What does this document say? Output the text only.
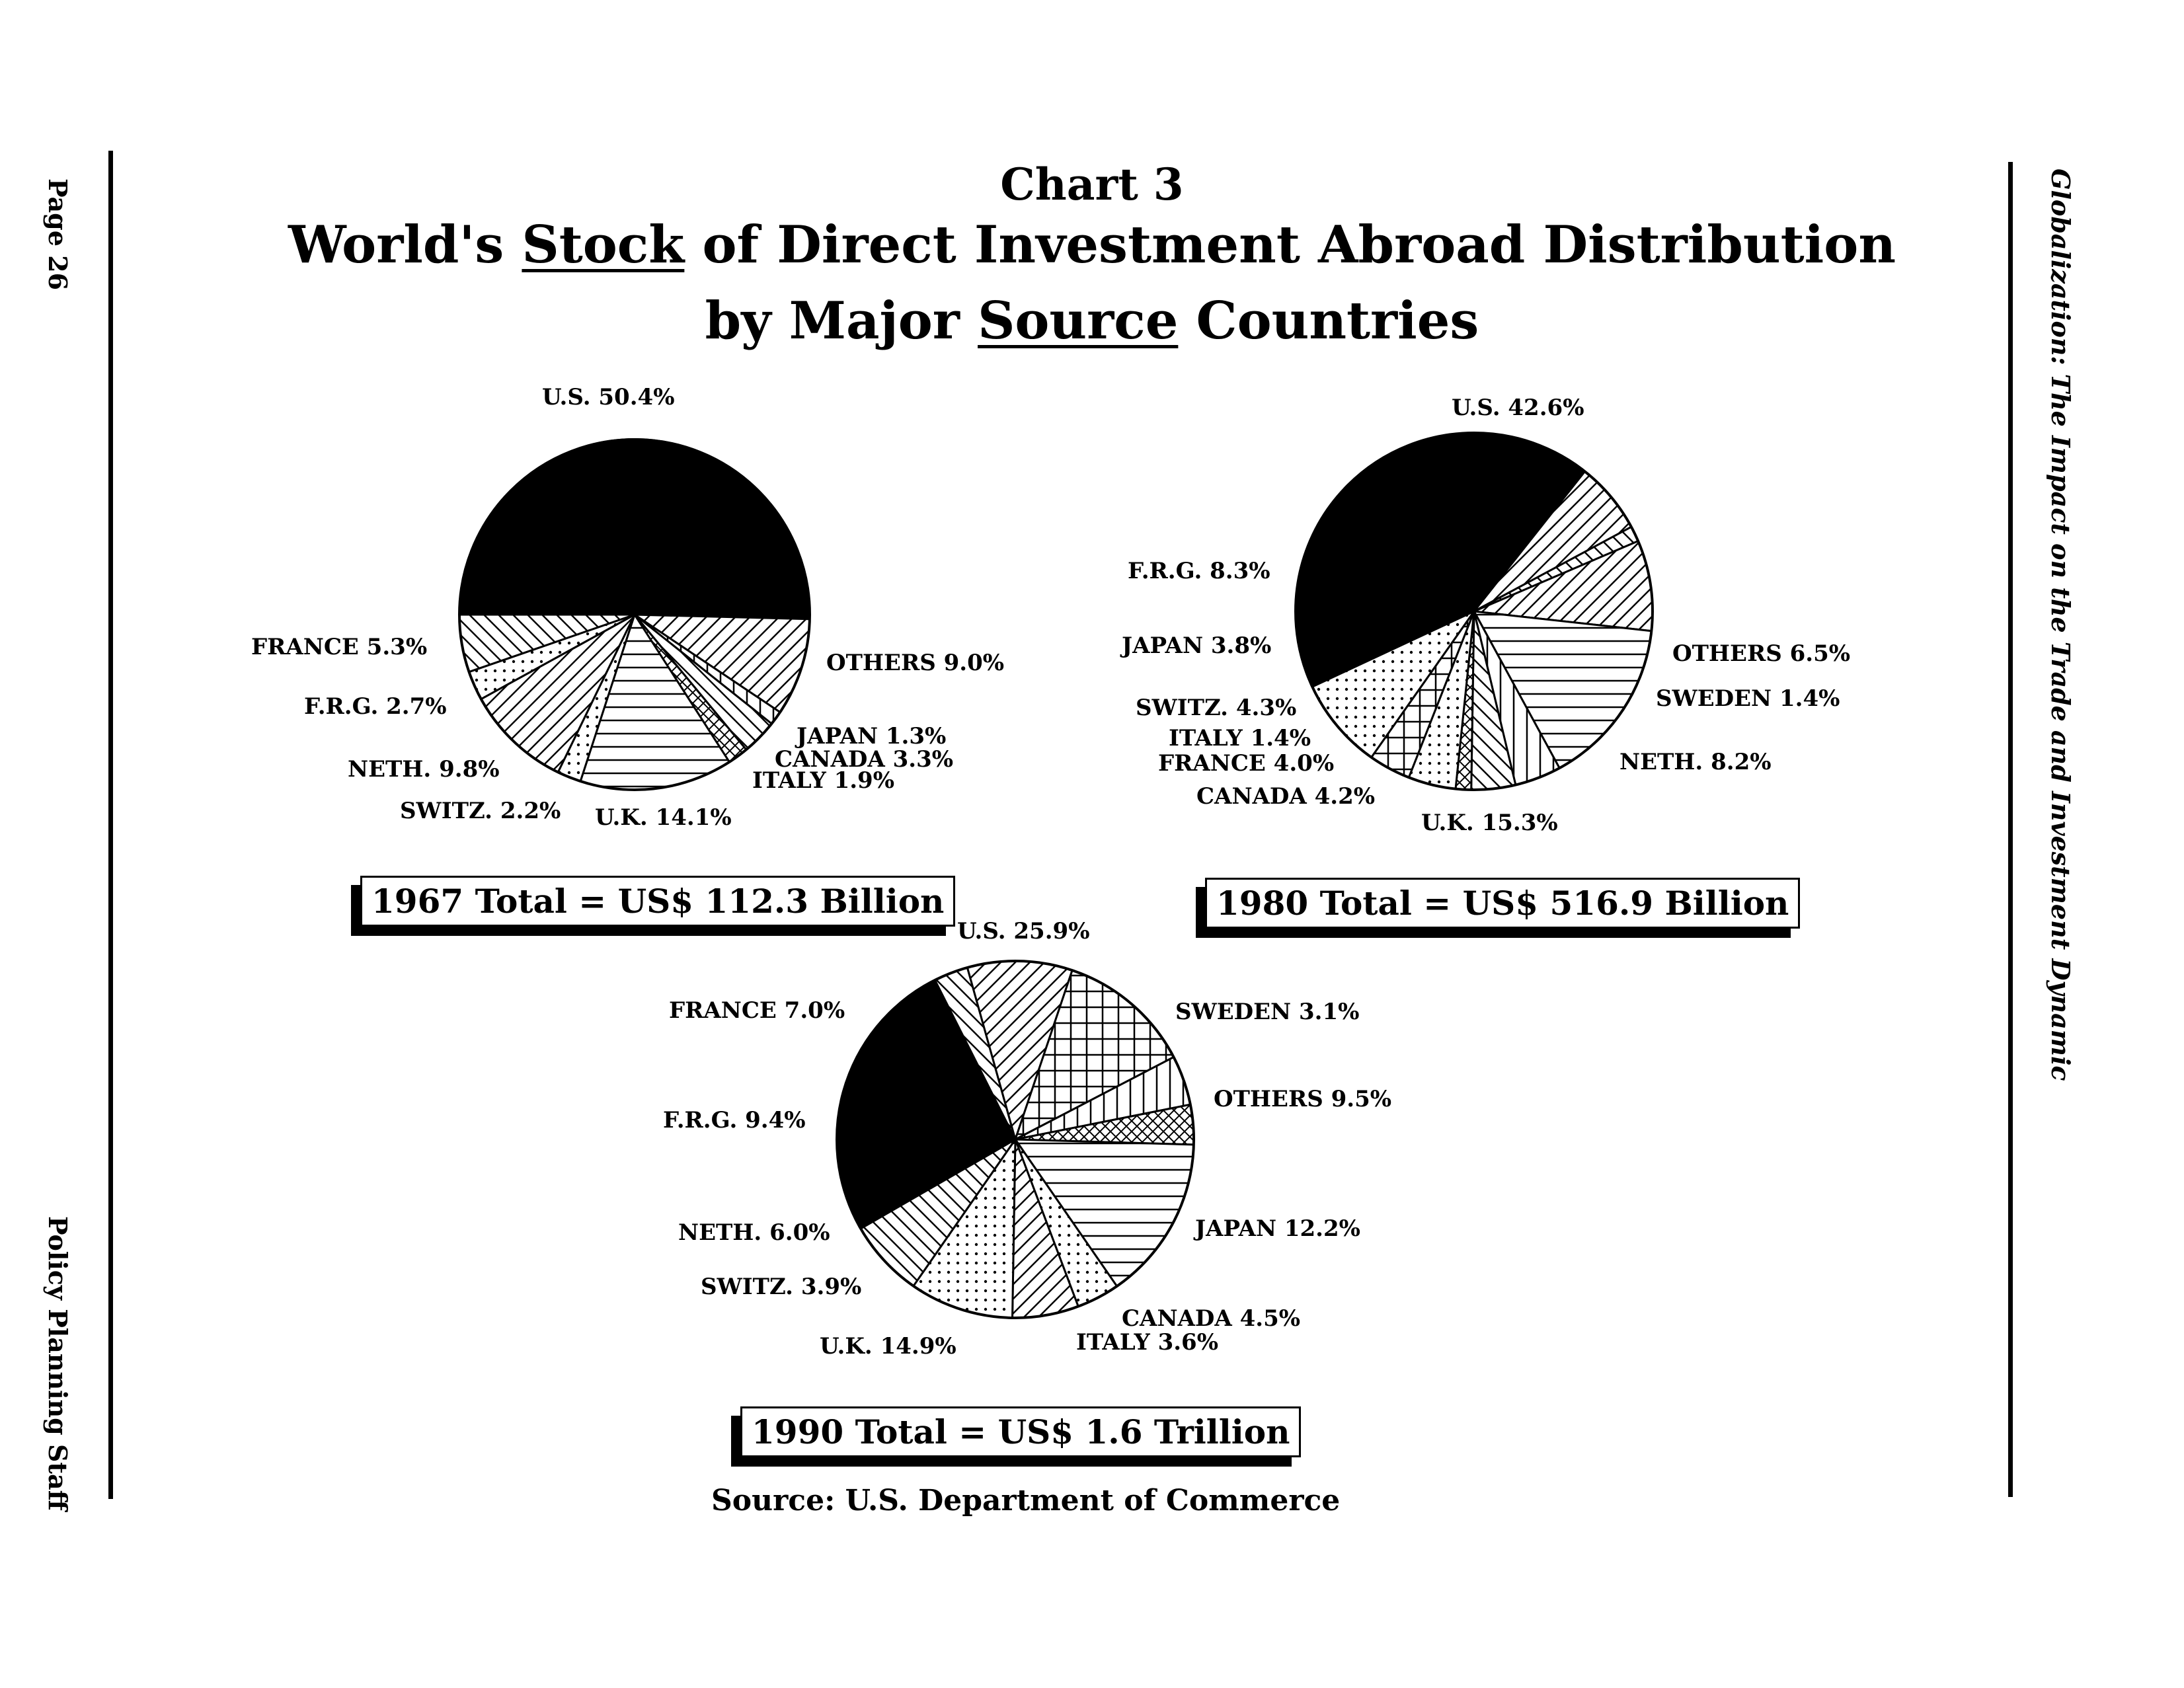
Page 26
Policy Planning Staff
Globalization: The Impact on the Trade and Investment Dynamic
Chart 3
World's Stock of Direct Investment Abroad Distribution
by Major Source Countries
U.S. 50.4%
OTHERS 9.0%
JAPAN 1.3%
CANADA 3.3%
ITALY 1.9%
U.K. 14.1%
SWITZ. 2.2%
NETH. 9.8%
F.R.G. 2.7%
FRANCE 5.3%
U.S. 42.6%
OTHERS 6.5%
SWEDEN 1.4%
NETH. 8.2%
U.K. 15.3%
CANADA 4.2%
FRANCE 4.0%
ITALY 1.4%
SWITZ. 4.3%
JAPAN 3.8%
F.R.G. 8.3%
U.S. 25.9%
SWEDEN 3.1%
OTHERS 9.5%
JAPAN 12.2%
CANADA 4.5%
ITALY 3.6%
U.K. 14.9%
SWITZ. 3.9%
NETH. 6.0%
F.R.G. 9.4%
FRANCE 7.0%
1967 Total = US$ 112.3 Billion	1980 Total = US$ 516.9 Billion
1990 Total = US$ 1.6 Trillion
Source: U.S. Department of Commerce
